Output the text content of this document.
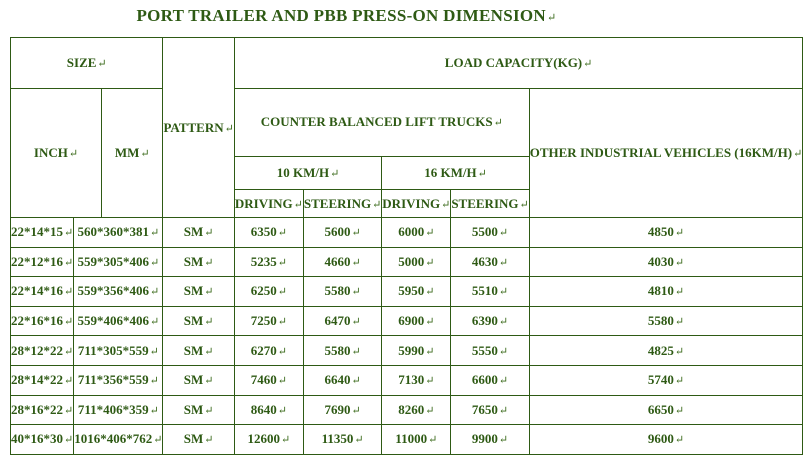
PORT TRAILER AND PBB PRESS-ON DIMENSION↵
SIZE↵	PATTERN↵	LOAD CAPACITY(KG)↵

INCH↵	MM↵
	COUNTER BALANCED LIFT TRUCKS↵	OTHER INDUSTRIAL VEHICLES (16KM/H)↵
10 KM/H↵	16 KM/H↵
DRIVING↵	STEERING↵	DRIVING↵	STEERING↵
22*14*15↵	560*360*381↵	SM↵	6350↵	5600↵	6000↵	5500↵	4850↵
22*12*16↵	559*305*406↵	SM↵	5235↵	4660↵	5000↵	4630↵	4030↵
22*14*16↵	559*356*406↵	SM↵	6250↵	5580↵	5950↵	5510↵	4810↵
22*16*16↵	559*406*406↵	SM↵	7250↵	6470↵	6900↵	6390↵	5580↵
28*12*22↵	711*305*559↵	SM↵	6270↵	5580↵	5990↵	5550↵	4825↵
28*14*22↵	711*356*559↵	SM↵	7460↵	6640↵	7130↵	6600↵	5740↵
28*16*22↵	711*406*359↵	SM↵	8640↵	7690↵	8260↵	7650↵	6650↵
40*16*30↵	1016*406*762↵	SM↵	12600↵	11350↵	11000↵	9900↵	9600↵
